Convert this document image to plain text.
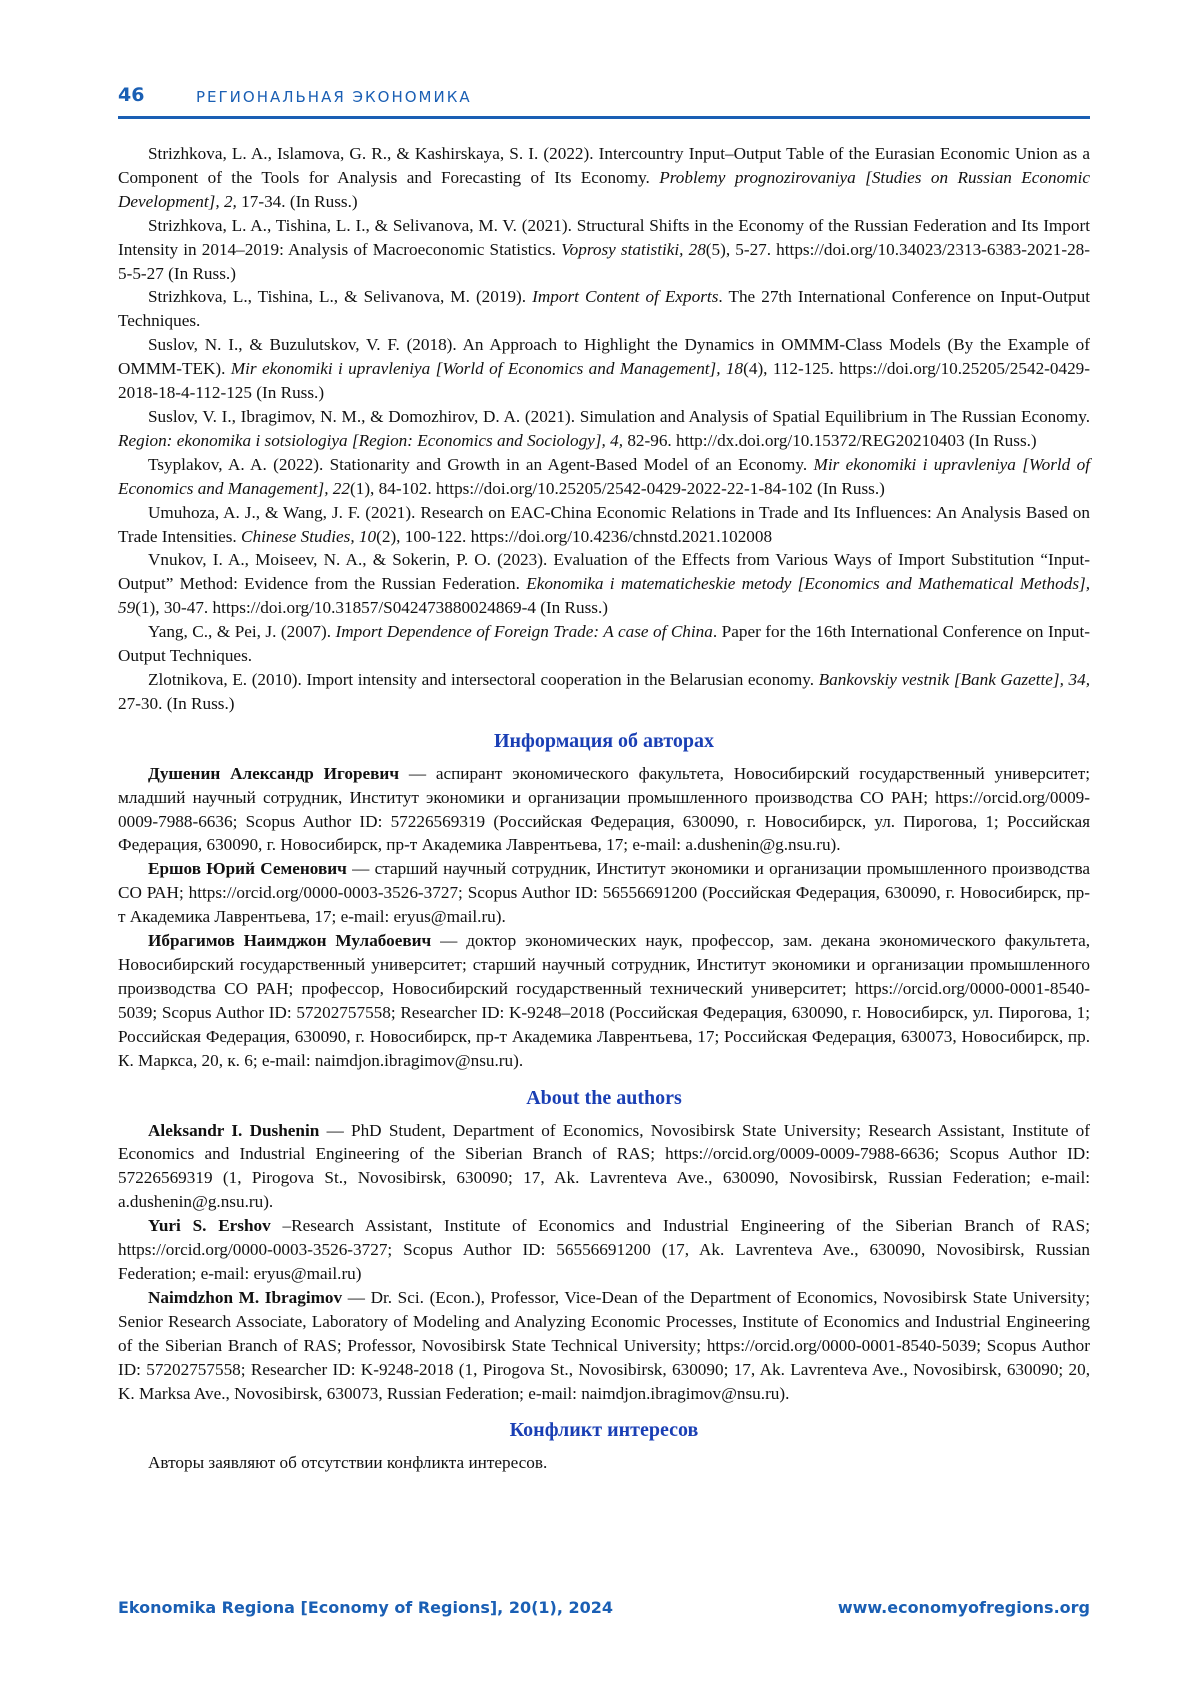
46	РЕГИОНАЛЬНАЯ ЭКОНОМИКА

Strizhkova, L. A., Islamova, G. R., & Kashirskaya, S. I. (2022). Intercountry Input–Output Table of the Eurasian Economic Union as a Component of the Tools for Analysis and Forecasting of Its Economy. Problemy prognozirovaniya [Studies on Russian Economic Development], 2, 17-34. (In Russ.)

Strizhkova, L. A., Tishina, L. I., & Selivanova, M. V. (2021). Structural Shifts in the Economy of the Russian Federation and Its Import Intensity in 2014–2019: Analysis of Macroeconomic Statistics. Voprosy statistiki, 28(5), 5-27. https://doi.org/10.34023/2313-6383-2021-28-5-5-27 (In Russ.)

Strizhkova, L., Tishina, L., & Selivanova, M. (2019). Import Content of Exports. The 27th International Conference on Input-Output Techniques.

Suslov, N. I., & Buzulutskov, V. F. (2018). An Approach to Highlight the Dynamics in OMMM-Class Models (By the Example of OMMM-TEK). Mir ekonomiki i upravleniya [World of Economics and Management], 18(4), 112-125. https://doi.org/10.25205/2542-0429-2018-18-4-112-125 (In Russ.)

Suslov, V. I., Ibragimov, N. M., & Domozhirov, D. A. (2021). Simulation and Analysis of Spatial Equilibrium in The Russian Economy. Region: ekonomika i sotsiologiya [Region: Economics and Sociology], 4, 82-96. http://dx.doi.org/10.15372/REG20210403 (In Russ.)

Tsyplakov, A. A. (2022). Stationarity and Growth in an Agent-Based Model of an Economy. Mir ekonomiki i upravleniya [World of Economics and Management], 22(1), 84-102. https://doi.org/10.25205/2542-0429-2022-22-1-84-102 (In Russ.)

Umuhoza, A. J., & Wang, J. F. (2021). Research on EAC-China Economic Relations in Trade and Its Influences: An Analysis Based on Trade Intensities. Chinese Studies, 10(2), 100-122. https://doi.org/10.4236/chnstd.2021.102008

Vnukov, I. A., Moiseev, N. A., & Sokerin, P. O. (2023). Evaluation of the Effects from Various Ways of Import Substitution “Input-Output” Method: Evidence from the Russian Federation. Ekonomika i matematicheskie metody [Economics and Mathematical Methods], 59(1), 30-47. https://doi.org/10.31857/S042473880024869-4 (In Russ.)

Yang, C., & Pei, J. (2007). Import Dependence of Foreign Trade: A case of China. Paper for the 16th International Conference on Input-Output Techniques.

Zlotnikova, E. (2010). Import intensity and intersectoral cooperation in the Belarusian economy. Bankovskiy vestnik [Bank Gazette], 34, 27-30. (In Russ.)

Информация об авторах

Душенин Александр Игоревич — аспирант экономического факультета, Новосибирский государственный университет; младший научный сотрудник, Институт экономики и организации промышленного производства СО РАН; https://orcid.org/0009-0009-7988-6636; Scopus Author ID: 57226569319 (Российская Федерация, 630090, г. Новосибирск, ул. Пирогова, 1; Российская Федерация, 630090, г. Новосибирск, пр-т Академика Лаврентьева, 17; e-mail: a.dushenin@g.nsu.ru).

Ершов Юрий Семенович — старший научный сотрудник, Институт экономики и организации промышленного производства СО РАН; https://orcid.org/0000-0003-3526-3727; Scopus Author ID: 56556691200 (Российская Федерация, 630090, г. Новосибирск, пр-т Академика Лаврентьева, 17; e-mail: eryus@mail.ru).

Ибрагимов Наимджон Мулабоевич — доктор экономических наук, профессор, зам. декана экономического факультета, Новосибирский государственный университет; старший научный сотрудник, Институт экономики и организации промышленного производства СО РАН; профессор, Новосибирский государственный технический университет; https://orcid.org/0000-0001-8540-5039; Scopus Author ID: 57202757558; Researcher ID: K-9248–2018 (Российская Федерация, 630090, г. Новосибирск, ул. Пирогова, 1; Российская Федерация, 630090, г. Новосибирск, пр-т Академика Лаврентьева, 17; Российская Федерация, 630073, Новосибирск, пр. К. Маркса, 20, к. 6; e-mail: naimdjon.ibragimov@nsu.ru).

About the authors

Aleksandr I. Dushenin — PhD Student, Department of Economics, Novosibirsk State University; Research Assistant, Institute of Economics and Industrial Engineering of the Siberian Branch of RAS; https://orcid.org/0009-0009-7988-6636; Scopus Author ID: 57226569319 (1, Pirogova St., Novosibirsk, 630090; 17, Ak. Lavrenteva Ave., 630090, Novosibirsk, Russian Federation; e-mail: a.dushenin@g.nsu.ru).

Yuri S. Ershov –Research Assistant, Institute of Economics and Industrial Engineering of the Siberian Branch of RAS; https://orcid.org/0000-0003-3526-3727; Scopus Author ID: 56556691200 (17, Ak. Lavrenteva Ave., 630090, Novosibirsk, Russian Federation; e-mail: eryus@mail.ru)

Naimdzhon M. Ibragimov — Dr. Sci. (Econ.), Professor, Vice-Dean of the Department of Economics, Novosibirsk State University; Senior Research Associate, Laboratory of Modeling and Analyzing Economic Processes, Institute of Economics and Industrial Engineering of the Siberian Branch of RAS; Professor, Novosibirsk State Technical University; https://orcid.org/0000-0001-8540-5039; Scopus Author ID: 57202757558; Researcher ID: K-9248-2018 (1, Pirogova St., Novosibirsk, 630090; 17, Ak. Lavrenteva Ave., Novosibirsk, 630090; 20, K. Marksa Ave., Novosibirsk, 630073, Russian Federation; e-mail: naimdjon.ibragimov@nsu.ru).

Конфликт интересов

Авторы заявляют об отсутствии конфликта интересов.

Ekonomika Regiona [Economy of Regions], 20(1), 2024	www.economyofregions.org
